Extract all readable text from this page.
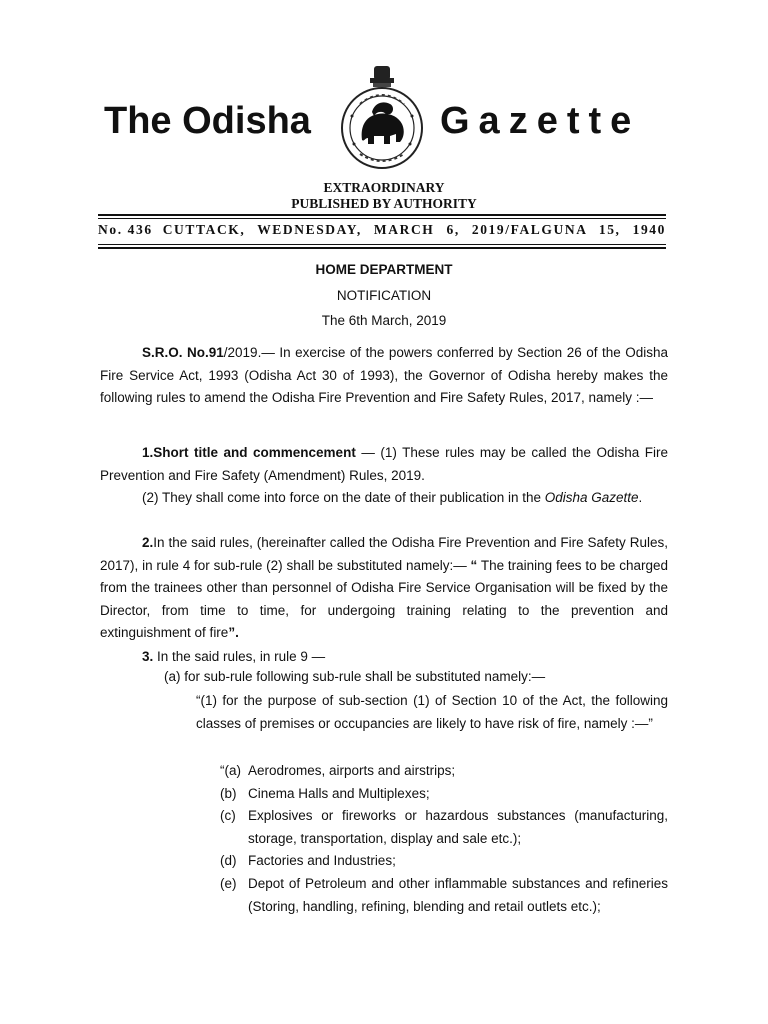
The Odisha	Gazette
EXTRAORDINARY
PUBLISHED BY AUTHORITY
No. 436 CUTTACK, WEDNESDAY, MARCH 6, 2019/FALGUNA 15, 1940
HOME DEPARTMENT
NOTIFICATION
The 6th March, 2019

S.R.O. No.91/2019.— In exercise of the powers conferred by Section 26 of the Odisha Fire Service Act, 1993 (Odisha Act 30 of 1993), the Governor of Odisha hereby makes the following rules to amend the Odisha Fire Prevention and Fire Safety Rules, 2017, namely :—

1.Short title and commencement — (1) These rules may be called the Odisha Fire Prevention and Fire Safety (Amendment) Rules, 2019.

(2) They shall come into force on the date of their publication in the Odisha Gazette.

2.In the said rules, (hereinafter called the Odisha Fire Prevention and Fire Safety Rules, 2017), in rule 4 for sub-rule (2) shall be substituted namely:— “ The training fees to be charged from the trainees other than personnel of Odisha Fire Service Organisation will be fixed by the Director, from time to time, for undergoing training relating to the prevention and extinguishment of fire”.

3. In the said rules, in rule 9 —

(a) for sub-rule following sub-rule shall be substituted namely:—
“(1) for the purpose of sub-section (1) of Section 10 of the Act, the following classes of premises or occupancies are likely to have risk of fire, namely :—”
“(a) Aerodromes, airports and airstrips;
(b) Cinema Halls and Multiplexes;
(c) Explosives or fireworks or hazardous substances (manufacturing, storage, transportation, display and sale etc.);
(d) Factories and Industries;
(e) Depot of Petroleum and other inflammable substances and refineries (Storing, handling, refining, blending and retail outlets etc.);
